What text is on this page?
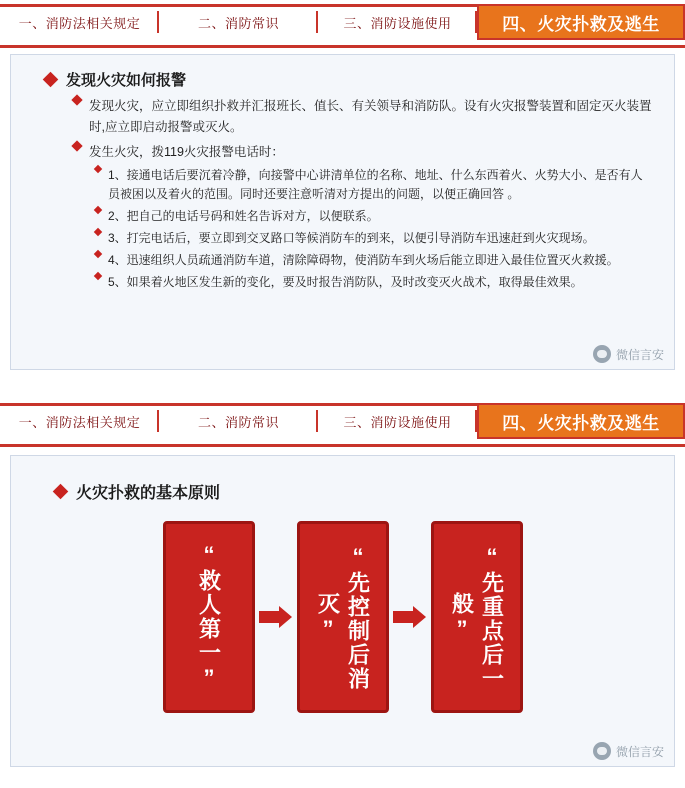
一、消防法相关规定	二、消防常识	三、消防设施使用	四、火灾扑救及逃生
发现火灾如何报警
发现火灾，应立即组织扑救并汇报班长、值长、有关领导和消防队。设有火灾报警装置和固定灭火装置时,应立即启动报警或灭火。
发生火灾，拨119火灾报警电话时：
1、接通电话后要沉着冷静，向接警中心讲清单位的名称、地址、什么东西着火、火势大小、是否有人员被困以及着火的范围。同时还要注意听清对方提出的问题，以便正确回答 。
2、把自己的电话号码和姓名告诉对方，以便联系。
3、打完电话后，要立即到交叉路口等候消防车的到来，以便引导消防车迅速赶到火灾现场。
4、迅速组织人员疏通消防车道，清除障碍物，使消防车到火场后能立即进入最佳位置灭火救援。
5、如果着火地区发生新的变化，要及时报告消防队，及时改变灭火战术，取得最佳效果。
微信言安
一、消防法相关规定	二、消防常识	三、消防设施使用	四、火灾扑救及逃生
火灾扑救的基本原则
“救人第一”	“先控制后消灭”	“先重点后一般”
微信言安
